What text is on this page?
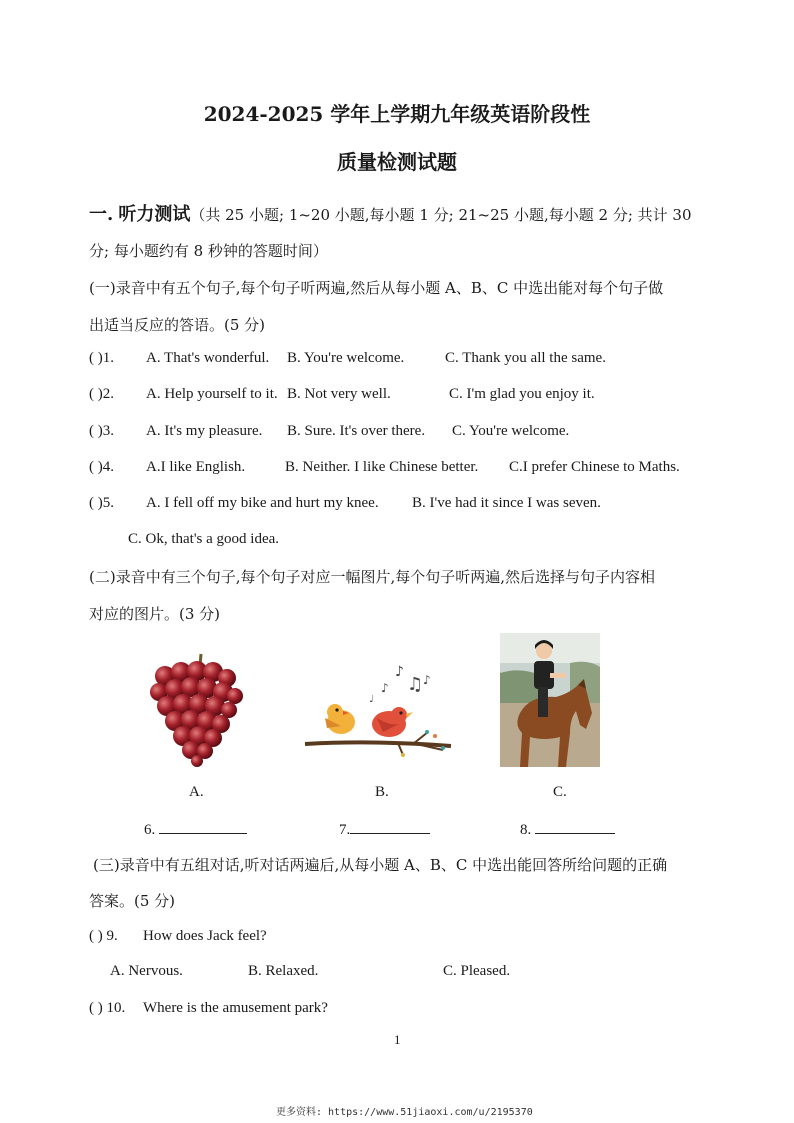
2024-2025 学年上学期九年级英语阶段性
质量检测试题
一. 听力测试（共 25 小题; 1~20 小题,每小题 1 分; 21~25 小题,每小题 2 分; 共计 30
分; 每小题约有 8 秒钟的答题时间）
(一)录音中有五个句子,每个句子听两遍,然后从每小题 A、B、C 中选出能对每个句子做
出适当反应的答语。(5 分)
( )1. A. That's wonderful. B. You're welcome.	C. Thank you all the same.
( )2. A. Help yourself to it. B. Not very well.	C. I'm glad you enjoy it.
( )3. A. It's my pleasure. B. Sure. It's over there. C. You're welcome.
( )4. A.I like English.	B. Neither. I like Chinese better. C.I prefer Chinese to Maths.
( )5. A. I fell off my bike and hurt my knee. B. I've had it since I was seven.
C. Ok, that's a good idea.
(二)录音中有三个句子,每个句子对应一幅图片,每个句子听两遍,然后选择与句子内容相
对应的图片。(3 分)
♪
♫
♪
♪
♩
A.	B.	C.
6.	7.	8.
(三)录音中有五组对话,听对话两遍后,从每小题 A、B、C 中选出能回答所给问题的正确
答案。(5 分)
( ) 9. How does Jack feel?
A. Nervous.	B. Relaxed.	C. Pleased.
( ) 10. Where is the amusement park?
1
更多资料: https://www.51jiaoxi.com/u/2195370
